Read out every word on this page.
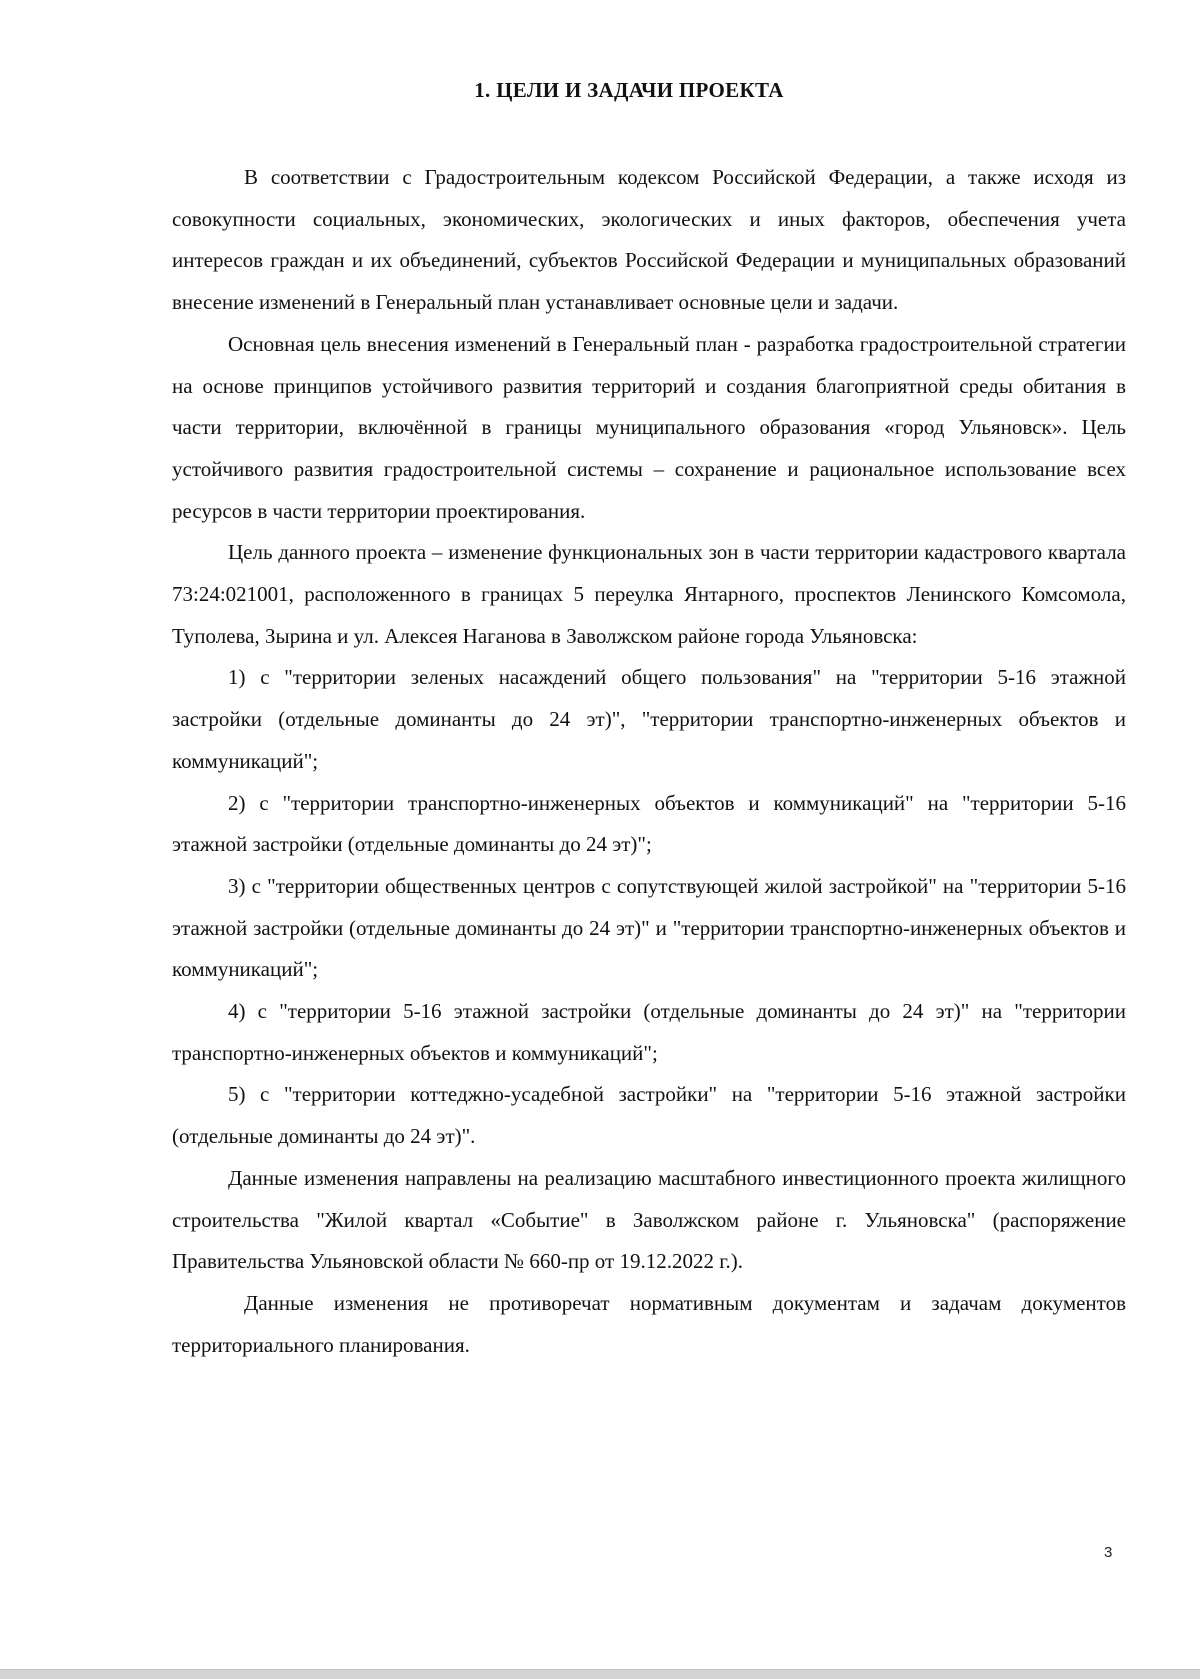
1. ЦЕЛИ И ЗАДАЧИ ПРОЕКТА

В соответствии с Градостроительным кодексом Российской Федерации, а также исходя из совокупности социальных, экономических, экологических и иных факторов, обеспечения учета интересов граждан и их объединений, субъектов Российской Федерации и муниципальных образований внесение изменений в Генеральный план устанавливает основные цели и задачи.

Основная цель внесения изменений в Генеральный план - разработка градостроительной стратегии на основе принципов устойчивого развития территорий и создания благоприятной среды обитания в части территории, включённой в границы муниципального образования «город Ульяновск». Цель устойчивого развития градостроительной системы – сохранение и рациональное использование всех ресурсов в части территории проектирования.

Цель данного проекта – изменение функциональных зон в части территории кадастрового квартала 73:24:021001, расположенного в границах 5 переулка Янтарного, проспектов Ленинского Комсомола, Туполева, Зырина и ул. Алексея Наганова в Заволжском районе города Ульяновска:

1) с "территории зеленых насаждений общего пользования" на "территории 5-16 этажной застройки (отдельные доминанты до 24 эт)", "территории транспортно-инженерных объектов и коммуникаций";

2) с "территории транспортно-инженерных объектов и коммуникаций" на "территории 5-16 этажной застройки (отдельные доминанты до 24 эт)";

3) с "территории общественных центров с сопутствующей жилой застройкой" на "территории 5-16 этажной застройки (отдельные доминанты до 24 эт)" и "территории транспортно-инженерных объектов и коммуникаций";

4) с "территории 5-16 этажной застройки (отдельные доминанты до 24 эт)" на "территории транспортно-инженерных объектов и коммуникаций";

5) с "территории коттеджно-усадебной застройки" на "территории 5-16 этажной застройки (отдельные доминанты до 24 эт)".

Данные изменения направлены на реализацию масштабного инвестиционного проекта жилищного строительства "Жилой квартал «Событие" в Заволжском районе г. Ульяновска" (распоряжение Правительства Ульяновской области № 660-пр от 19.12.2022 г.).

Данные изменения не противоречат нормативным документам и задачам документов территориального планирования.

3
